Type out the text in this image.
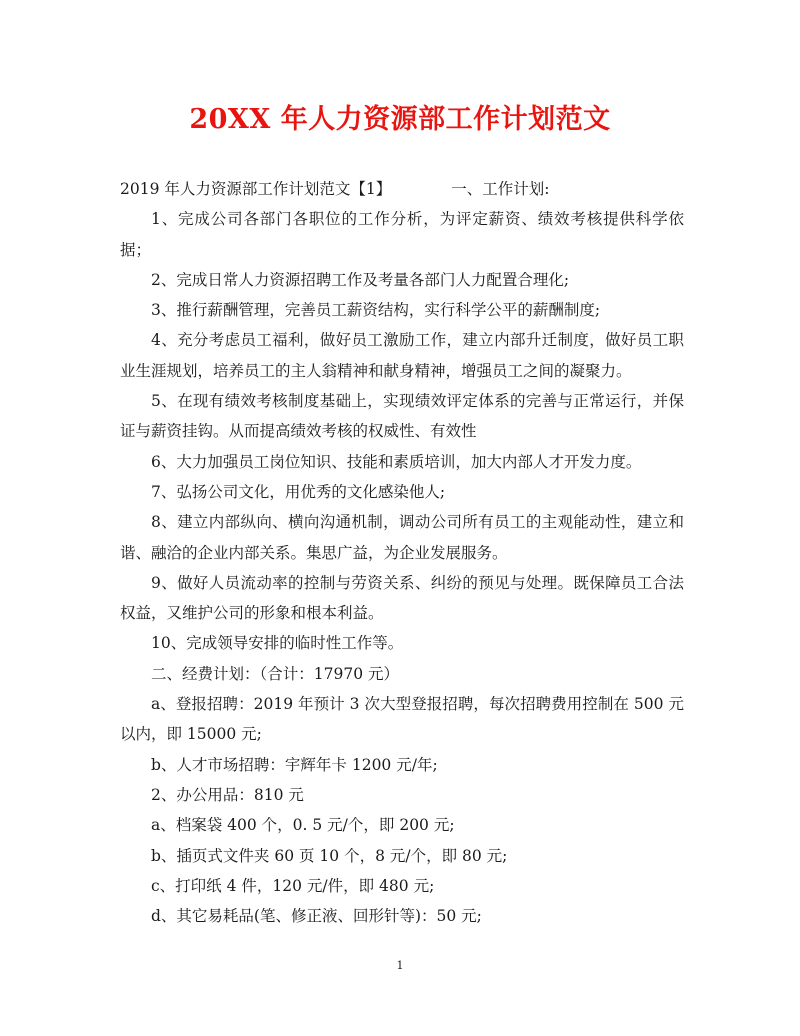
20XX 年人力资源部工作计划范文

2019 年人力资源部工作计划范文【1】	一、工作计划:

1、完成公司各部门各职位的工作分析，为评定薪资、绩效考核提供科学依据；

2、完成日常人力资源招聘工作及考量各部门人力配置合理化;

3、推行薪酬管理，完善员工薪资结构，实行科学公平的薪酬制度;

4、充分考虑员工福利，做好员工激励工作，建立内部升迁制度，做好员工职业生涯规划，培养员工的主人翁精神和献身精神，增强员工之间的凝聚力。

5、在现有绩效考核制度基础上，实现绩效评定体系的完善与正常运行，并保证与薪资挂钩。从而提高绩效考核的权威性、有效性

6、大力加强员工岗位知识、技能和素质培训，加大内部人才开发力度。

7、弘扬公司文化，用优秀的文化感染他人;

8、建立内部纵向、横向沟通机制，调动公司所有员工的主观能动性，建立和谐、融洽的企业内部关系。集思广益，为企业发展服务。

9、做好人员流动率的控制与劳资关系、纠纷的预见与处理。既保障员工合法权益，又维护公司的形象和根本利益。

10、完成领导安排的临时性工作等。

二、经费计划：（合计：17970 元）

a、登报招聘：2019 年预计 3 次大型登报招聘，每次招聘费用控制在 500 元以内，即 15000 元;

b、人才市场招聘：宇辉年卡 1200 元/年;

2、办公用品：810 元

a、档案袋 400 个，0. 5 元/个，即 200 元;

b、插页式文件夹 60 页 10 个，8 元/个，即 80 元;

c、打印纸 4 件，120 元/件，即 480 元;

d、其它易耗品(笔、修正液、回形针等)：50 元;

1
